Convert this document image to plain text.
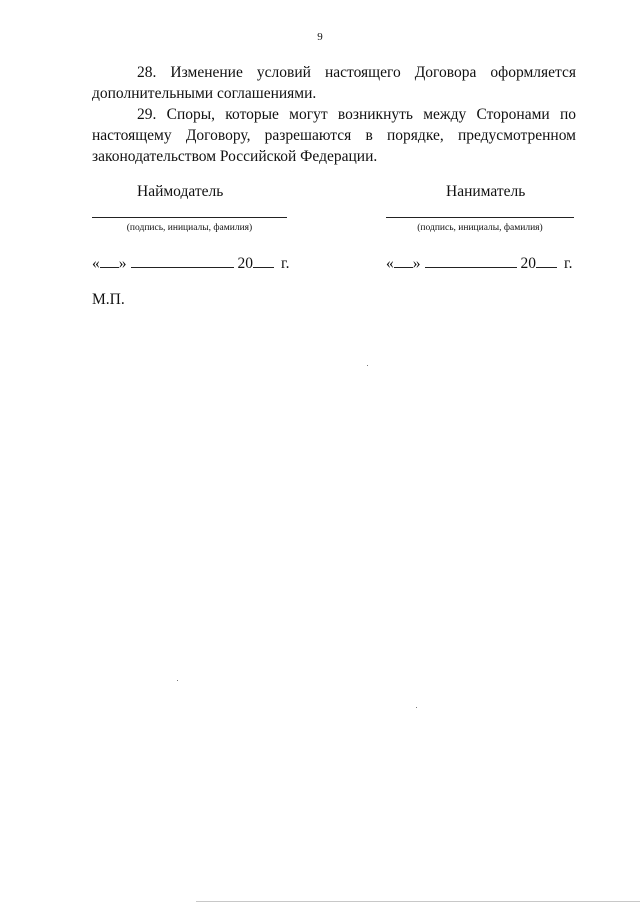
9

28. Изменение условий настоящего Договора оформляется дополнительными соглашениями.

29. Споры, которые могут возникнуть между Сторонами по настоящему Договору, разрешаются в порядке, предусмотренном законодательством Российской Федерации.

Наймодатель
(подпись, инициалы, фамилия)
« »	20 г.
Наниматель
(подпись, инициалы, фамилия)
« »	20 г.
М.П.
